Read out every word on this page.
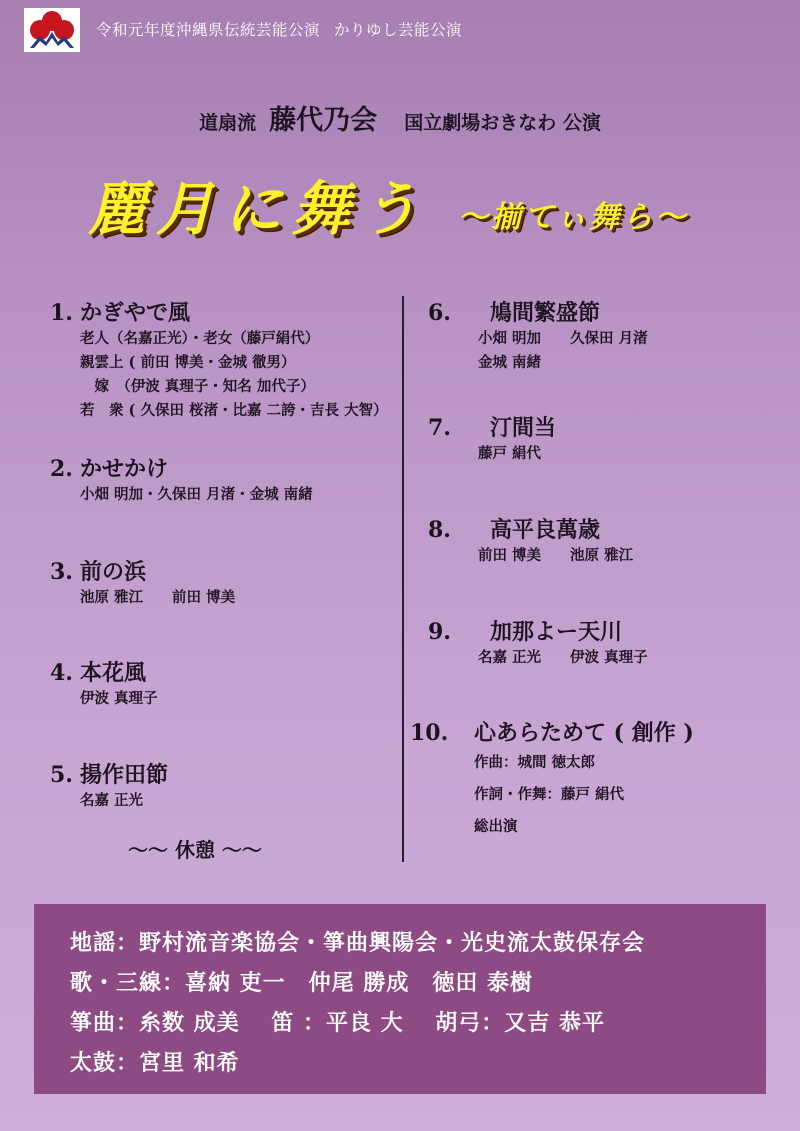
令和元年度沖縄県伝統芸能公演 かりゆし芸能公演
道扇流 藤代乃会 国立劇場おきなわ 公演
麗月に舞う 〜揃てぃ舞ら〜
1. かぎやで風
老人（名嘉正光）・老女（藤戸絹代）
親雲上 ( 前田 博美・金城 徹男）
　嫁　（伊波 真理子・知名 加代子）
若　衆 ( 久保田 桜渚・比嘉 二誇・吉長 大智）
2. かせかけ
小畑 明加・久保田 月渚・金城 南緒
3. 前の浜
池原 雅江　　前田 博美
4. 本花風
伊波 真理子
5. 揚作田節
名嘉 正光
〜〜 休憩 〜〜
6. 鳩間繁盛節
小畑 明加　　久保田 月渚
金城 南緒
7. 汀間当
藤戸 絹代
8. 高平良萬歳
前田 博美　　池原 雅江
9. 加那よー天川
名嘉 正光　　伊波 真理子
10. 心あらためて ( 創作 )
作曲：城間 徳太郎
作詞・作舞：藤戸 絹代
総出演
地謡：野村流音楽協会・箏曲興陽会・光史流太鼓保存会
歌・三線：喜納 吏一　仲尾 勝成　徳田 泰樹
箏曲：糸数 成美　 笛 ：平良 大　 胡弓：又吉 恭平
太鼓：宮里 和希
